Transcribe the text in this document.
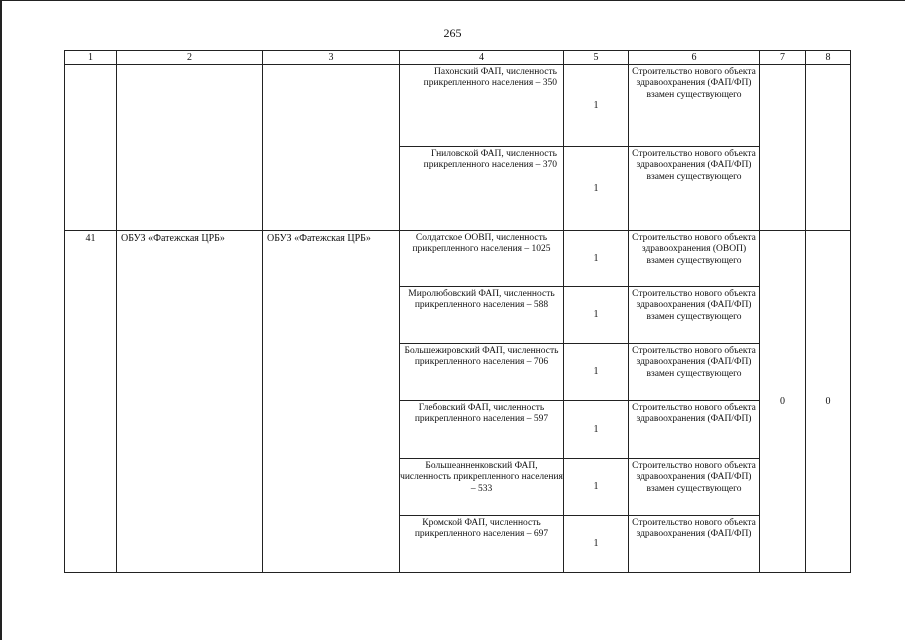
265
1	2	3	4	5	6	7	8

			Пахонский ФАП, численность прикрепленного населения – 350	1	Строительство нового объекта здравоохранения (ФАП/ФП) взамен существующего		

			Гниловской ФАП, численность прикрепленного населения – 370	1	Строительство нового объекта здравоохранения (ФАП/ФП) взамен существующего		
41	ОБУЗ «Фатежская ЦРБ»	ОБУЗ «Фатежская ЦРБ»	Солдатское ООВП, численность прикрепленного населения – 1025	1	Строительство нового объекта здравоохранения (ОВОП) взамен существующего	0	0

			Миролюбовский ФАП, численность прикрепленного населения – 588	1	Строительство нового объекта здравоохранения (ФАП/ФП) взамен существующего		

			Большежировский ФАП, численность прикрепленного населения – 706	1	Строительство нового объекта здравоохранения (ФАП/ФП) взамен существующего		

			Глебовский ФАП, численность прикрепленного населения – 597	1	Строительство нового объекта здравоохранения (ФАП/ФП)		

			Большеанненковский ФАП, численность прикрепленного населения – 533	1	Строительство нового объекта здравоохранения (ФАП/ФП) взамен существующего		

			Кромской ФАП, численность прикрепленного населения – 697	1	Строительство нового объекта здравоохранения (ФАП/ФП)		
